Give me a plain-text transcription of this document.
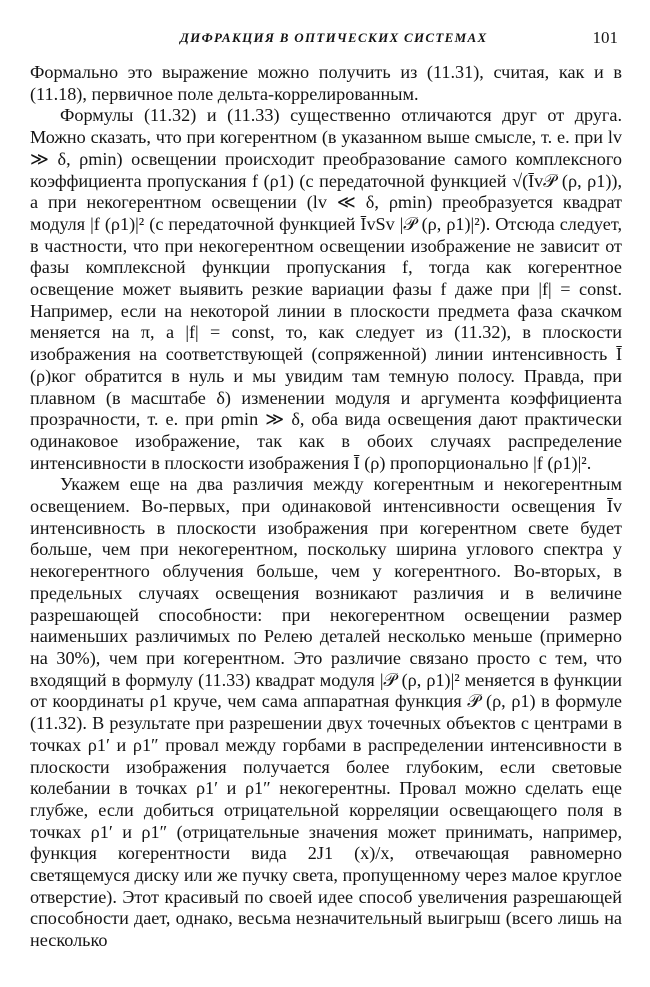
ДИФРАКЦИЯ В ОПТИЧЕСКИХ СИСТЕМАХ	101

Формально это выражение можно получить из (11.31), считая, как и в (11.18), первичное поле дельта-коррелированным.

Формулы (11.32) и (11.33) существенно отличаются друг от друга. Можно сказать, что при когерентном (в указанном выше смысле, т. е. при lv ≫ δ, ρmin) освещении происходит преобразование самого комплексного коэффициента пропускания f (ρ1) (с передаточной функцией √(Īv𝒫 (ρ, ρ1)), а при некогерентном освещении (lv ≪ δ, ρmin) преобразуется квадрат модуля |f (ρ1)|² (с передаточной функцией ĪvSv |𝒫 (ρ, ρ1)|²). Отсюда следует, в частности, что при некогерентном освещении изображение не зависит от фазы комплексной функции пропускания f, тогда как когерентное освещение может выявить резкие вариации фазы f даже при |f| = const. Например, если на некоторой линии в плоскости предмета фаза скачком меняется на π, а |f| = const, то, как следует из (11.32), в плоскости изображения на соответствующей (сопряженной) линии интенсивность Ī (ρ)ког обратится в нуль и мы увидим там темную полосу. Правда, при плавном (в масштабе δ) изменении модуля и аргумента коэффициента прозрачности, т. е. при ρmin ≫ δ, оба вида освещения дают практически одинаковое изображение, так как в обоих случаях распределение интенсивности в плоскости изображения Ī (ρ) пропорционально |f (ρ1)|².

Укажем еще на два различия между когерентным и некогерентным освещением. Во-первых, при одинаковой интенсивности освещения Īv интенсивность в плоскости изображения при когерентном свете будет больше, чем при некогерентном, поскольку ширина углового спектра у некогерентного облучения больше, чем у когерентного. Во-вторых, в предельных случаях освещения возникают различия и в величине разрешающей способности: при некогерентном освещении размер наименьших различимых по Релею деталей несколько меньше (примерно на 30%), чем при когерентном. Это различие связано просто с тем, что входящий в формулу (11.33) квадрат модуля |𝒫 (ρ, ρ1)|² меняется в функции от координаты ρ1 круче, чем сама аппаратная функция 𝒫 (ρ, ρ1) в формуле (11.32). В результате при разрешении двух точечных объектов с центрами в точках ρ1′ и ρ1″ провал между горбами в распределении интенсивности в плоскости изображения получается более глубоким, если световые колебании в точках ρ1′ и ρ1″ некогерентны. Провал можно сделать еще глубже, если добиться отрицательной корреляции освещающего поля в точках ρ1′ и ρ1″ (отрицательные значения может принимать, например, функция когерентности вида 2J1 (x)/x, отвечающая равномерно светящемуся диску или же пучку света, пропущенному через малое круглое отверстие). Этот красивый по своей идее способ увеличения разрешающей способности дает, однако, весьма незначительный выигрыш (всего лишь на несколько
